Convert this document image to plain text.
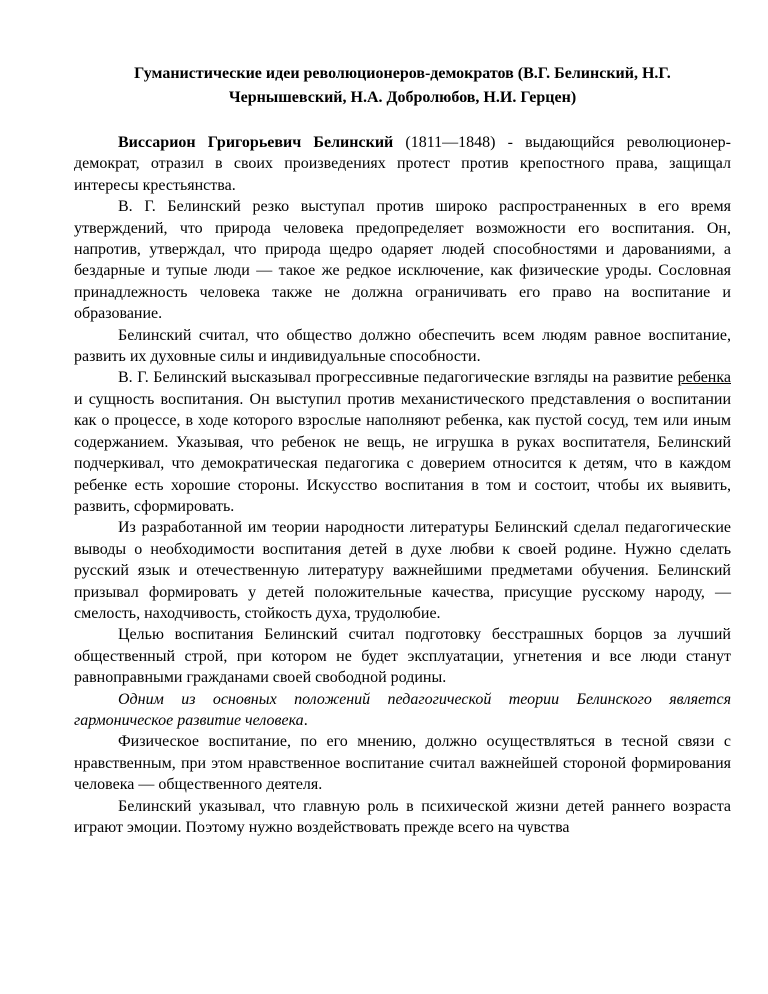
Гуманистические идеи революционеров-демократов (В.Г. Белинский, Н.Г. Чернышевский, Н.А. Добролюбов, Н.И. Герцен)

Виссарион Григорьевич Белинский (1811—1848) - выдающийся революционер-демократ, отразил в своих произведениях протест против крепостного права, защищал интересы крестьянства.

В. Г. Белинский резко выступал против широко распространенных в его время утверждений, что природа человека предопределяет возможности его воспитания. Он, напротив, утверждал, что природа щедро одаряет людей способностями и дарованиями, а бездарные и тупые люди — такое же редкое исключение, как физические уроды. Сословная принадлежность человека также не должна ограничивать его право на воспитание и образование.

Белинский считал, что общество должно обеспечить всем людям равное воспитание, развить их духовные силы и индивидуальные способности.

В. Г. Белинский высказывал прогрессивные педагогические взгляды на развитие ребенка и сущность воспитания. Он выступил против механистического представления о воспитании как о процессе, в ходе которого взрослые наполняют ребенка, как пустой сосуд, тем или иным содержанием. Указывая, что ребенок не вещь, не игрушка в руках воспитателя, Белинский подчеркивал, что демократическая педагогика с доверием относится к детям, что в каждом ребенке есть хорошие стороны. Искусство воспитания в том и состоит, чтобы их выявить, развить, сформировать.

Из разработанной им теории народности литературы Белинский сделал педагогические выводы о необходимости воспитания детей в духе любви к своей родине. Нужно сделать русский язык и отечественную литературу важнейшими предметами обучения. Белинский призывал формировать у детей положительные качества, присущие русскому народу, — смелость, находчивость, стойкость духа, трудолюбие.

Целью воспитания Белинский считал подготовку бесстрашных борцов за лучший общественный строй, при котором не будет эксплуатации, угнетения и все люди станут равноправными гражданами своей свободной родины.

Одним из основных положений педагогической теории Белинского является гармоническое развитие человека.

Физическое воспитание, по его мнению, должно осуществляться в тесной связи с нравственным, при этом нравственное воспитание считал важнейшей стороной формирования человека — общественного деятеля.

Белинский указывал, что главную роль в психической жизни детей раннего возраста играют эмоции. Поэтому нужно воздействовать прежде всего на чувства
